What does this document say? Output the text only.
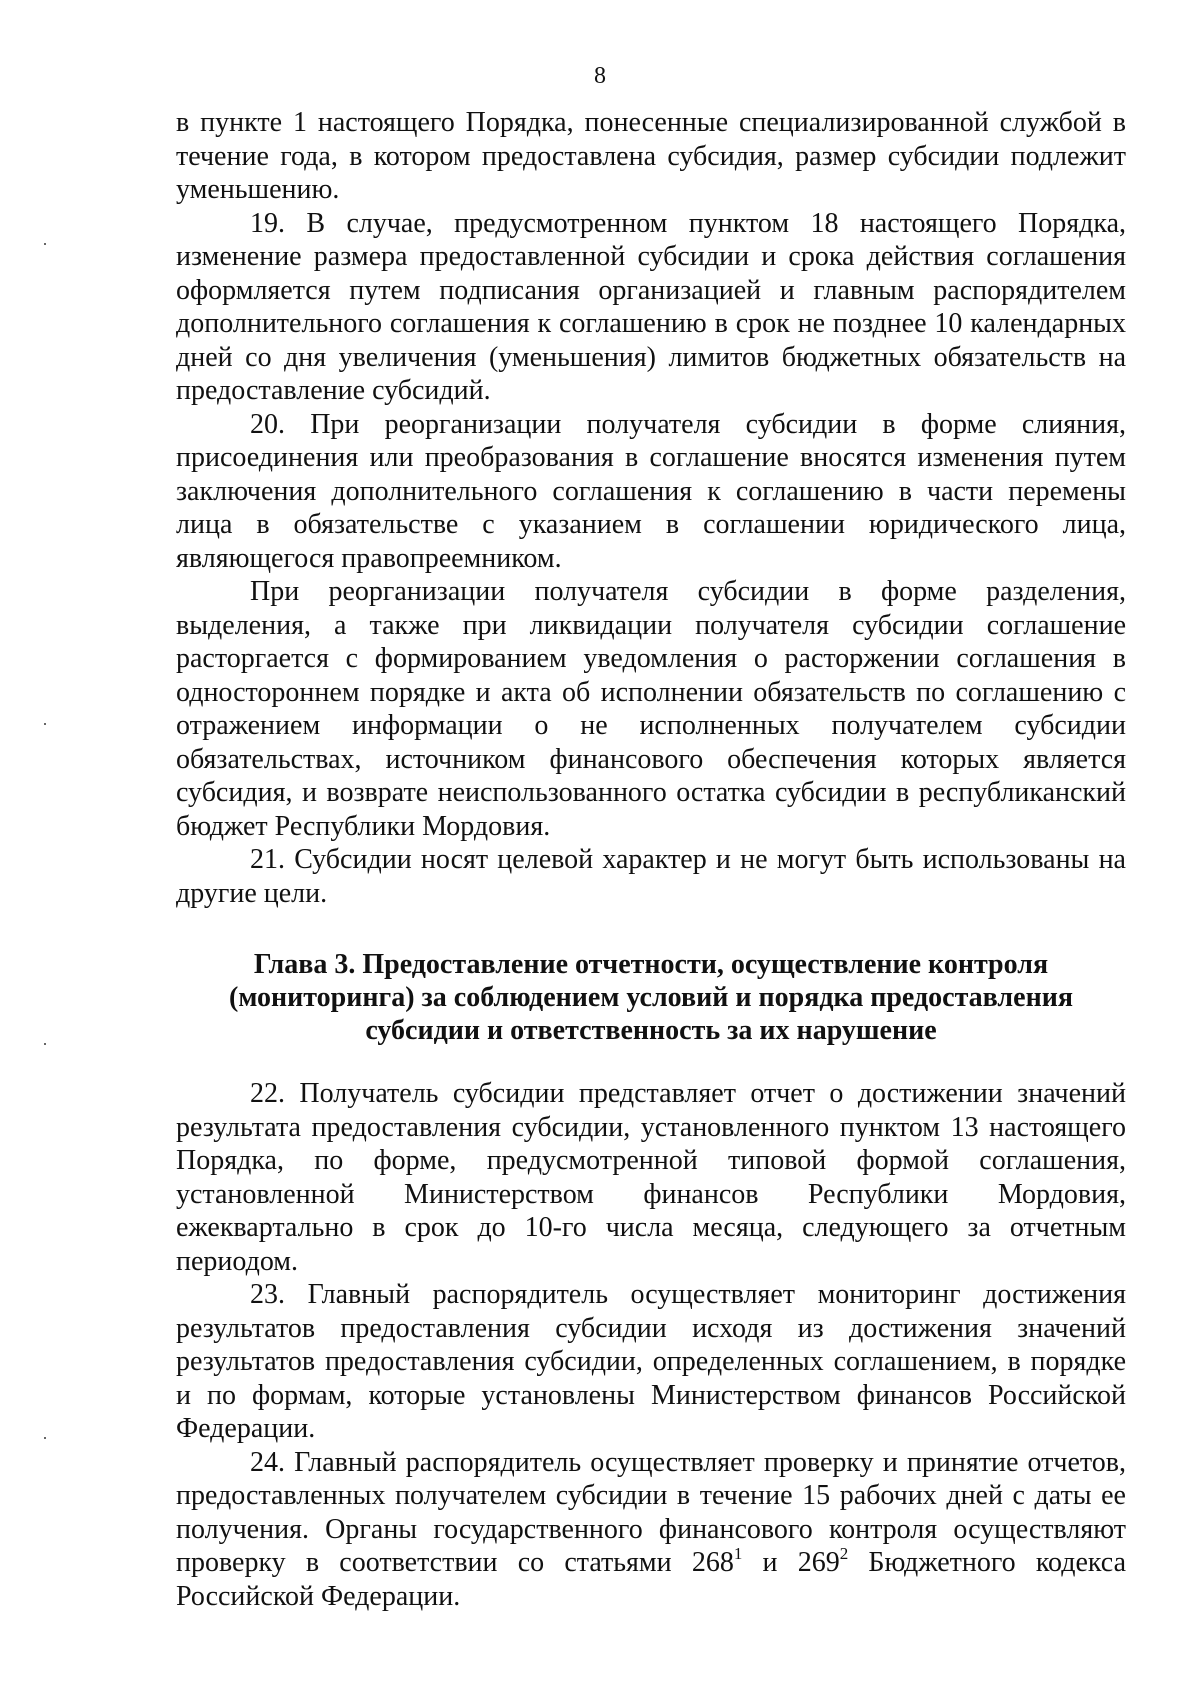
8

в пункте 1 настоящего Порядка, понесенные специализированной службой в течение года, в котором предоставлена субсидия, размер субсидии подлежит уменьшению.

19. В случае, предусмотренном пунктом 18 настоящего Порядка, изменение размера предоставленной субсидии и срока действия соглашения оформляется путем подписания организацией и главным распорядителем дополнительного соглашения к соглашению в срок не позднее 10 календарных дней со дня увеличения (уменьшения) лимитов бюджетных обязательств на предоставление субсидий.

20. При реорганизации получателя субсидии в форме слияния, присоединения или преобразования в соглашение вносятся изменения путем заключения дополнительного соглашения к соглашению в части перемены лица в обязательстве с указанием в соглашении юридического лица, являющегося правопреемником.

При реорганизации получателя субсидии в форме разделения, выделения, а также при ликвидации получателя субсидии соглашение расторгается с формированием уведомления о расторжении соглашения в одностороннем порядке и акта об исполнении обязательств по соглашению с отражением информации о не исполненных получателем субсидии обязательствах, источником финансового обеспечения которых является субсидия, и возврате неиспользованного остатка субсидии в республиканский бюджет Республики Мордовия.

21. Субсидии носят целевой характер и не могут быть использованы на другие цели.

Глава 3. Предоставление отчетности, осуществление контроля
(мониторинга) за соблюдением условий и порядка предоставления
субсидии и ответственность за их нарушение

22. Получатель субсидии представляет отчет о достижении значений результата предоставления субсидии, установленного пунктом 13 настоящего Порядка, по форме, предусмотренной типовой формой соглашения, установленной Министерством финансов Республики Мордовия, ежеквартально в срок до 10-го числа месяца, следующего за отчетным периодом.

23. Главный распорядитель осуществляет мониторинг достижения результатов предоставления субсидии исходя из достижения значений результатов предоставления субсидии, определенных соглашением, в порядке и по формам, которые установлены Министерством финансов Российской Федерации.

24. Главный распорядитель осуществляет проверку и принятие отчетов, предоставленных получателем субсидии в течение 15 рабочих дней с даты ее получения. Органы государственного финансового контроля осуществляют проверку в соответствии со статьями $268^1$ и $269^2$ Бюджетного кодекса Российской Федерации.
